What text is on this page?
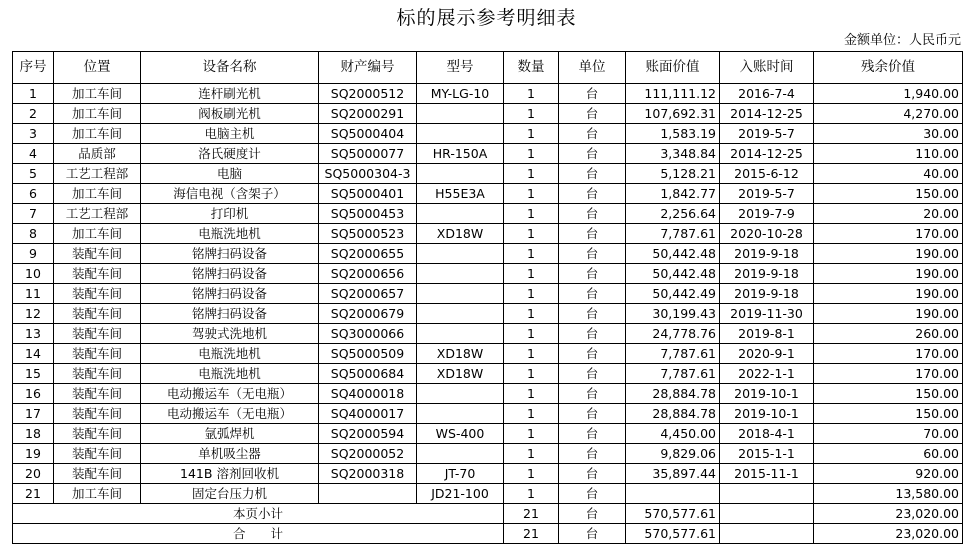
标的展示参考明细表
金额单位：人民币元
序号	位置	设备名称	财产编号	型号	数量	单位	账面价值	入账时间	残余价值
1	加工车间	连杆刷光机	SQ2000512	MY-LG-10	1	台	111,111.12	2016-7-4	1,940.00
2	加工车间	阀板刷光机	SQ2000291		1	台	107,692.31	2014-12-25	4,270.00
3	加工车间	电脑主机	SQ5000404		1	台	1,583.19	2019-5-7	30.00
4	品质部	洛氏硬度计	SQ5000077	HR-150A	1	台	3,348.84	2014-12-25	110.00
5	工艺工程部	电脑	SQ5000304-3		1	台	5,128.21	2015-6-12	40.00
6	加工车间	海信电视（含架子）	SQ5000401	H55E3A	1	台	1,842.77	2019-5-7	150.00
7	工艺工程部	打印机	SQ5000453		1	台	2,256.64	2019-7-9	20.00
8	加工车间	电瓶洗地机	SQ5000523	XD18W	1	台	7,787.61	2020-10-28	170.00
9	装配车间	铭牌扫码设备	SQ2000655		1	台	50,442.48	2019-9-18	190.00
10	装配车间	铭牌扫码设备	SQ2000656		1	台	50,442.48	2019-9-18	190.00
11	装配车间	铭牌扫码设备	SQ2000657		1	台	50,442.49	2019-9-18	190.00
12	装配车间	铭牌扫码设备	SQ2000679		1	台	30,199.43	2019-11-30	190.00
13	装配车间	驾驶式洗地机	SQ3000066		1	台	24,778.76	2019-8-1	260.00
14	装配车间	电瓶洗地机	SQ5000509	XD18W	1	台	7,787.61	2020-9-1	170.00
15	装配车间	电瓶洗地机	SQ5000684	XD18W	1	台	7,787.61	2022-1-1	170.00
16	装配车间	电动搬运车（无电瓶）	SQ4000018		1	台	28,884.78	2019-10-1	150.00
17	装配车间	电动搬运车（无电瓶）	SQ4000017		1	台	28,884.78	2019-10-1	150.00
18	装配车间	氩弧焊机	SQ2000594	WS-400	1	台	4,450.00	2018-4-1	70.00
19	装配车间	单机吸尘器	SQ2000052		1	台	9,829.06	2015-1-1	60.00
20	装配车间	141B 溶剂回收机	SQ2000318	JT-70	1	台	35,897.44	2015-11-1	920.00
21	加工车间	固定台压力机		JD21-100	1	台			13,580.00
本页小计					21	台	570,577.61		23,020.00
合　　计					21	台	570,577.61		23,020.00
